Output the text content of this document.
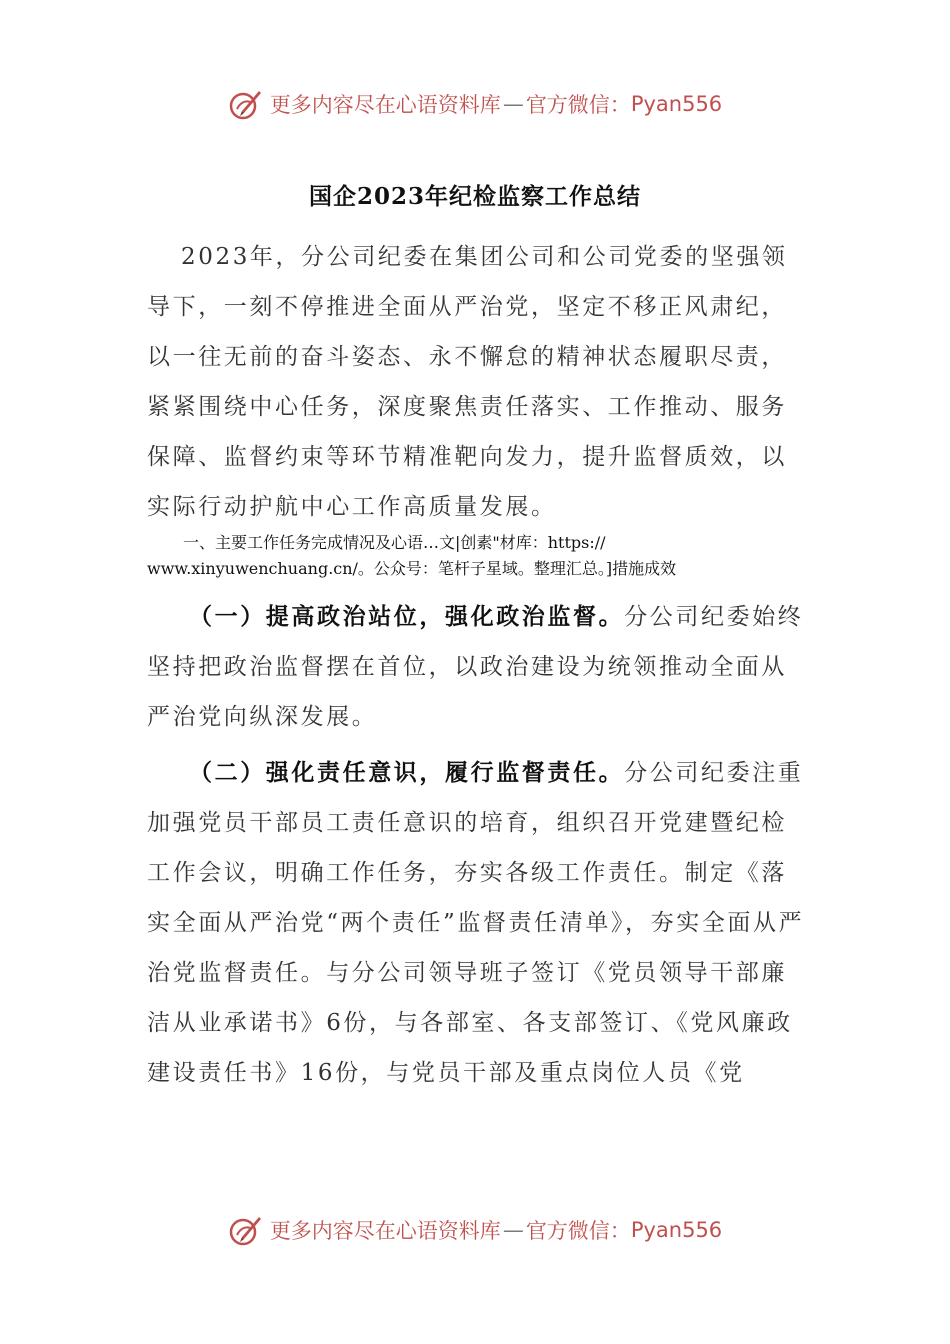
更多内容尽在心语资料库 — 官方微信： Pyan556
国企2023年纪检监察工作总结
2023年，分公司纪委在集团公司和公司党委的坚强领导下，一刻不停推进全面从严治党，坚定不移正风肃纪，以一往无前的奋斗姿态、永不懈怠的精神状态履职尽责，紧紧围绕中心任务，深度聚焦责任落实、工作推动、服务保障、监督约束等环节精准靶向发力，提升监督质效，以实际行动护航中心工作高质量发展。
一、主要工作任务完成情况及心语…文|创素"材库：https://
www.xinyuwenchuang.cn/。公众号：笔杆子星域。整理汇总。]措施成效
（一）提高政治站位，强化政治监督。分公司纪委始终坚持把政治监督摆在首位，以政治建设为统领推动全面从严治党向纵深发展。
（二）强化责任意识，履行监督责任。分公司纪委注重加强党员干部员工责任意识的培育，组织召开党建暨纪检工作会议，明确工作任务，夯实各级工作责任。制定《落实全面从严治党“两个责任”监督责任清单》，夯实全面从严治党监督责任。与分公司领导班子签订《党员领导干部廉洁从业承诺书》6份，与各部室、各支部签订、《党风廉政建设责任书》16份，与党员干部及重点岗位人员《党
更多内容尽在心语资料库 — 官方微信： Pyan556
